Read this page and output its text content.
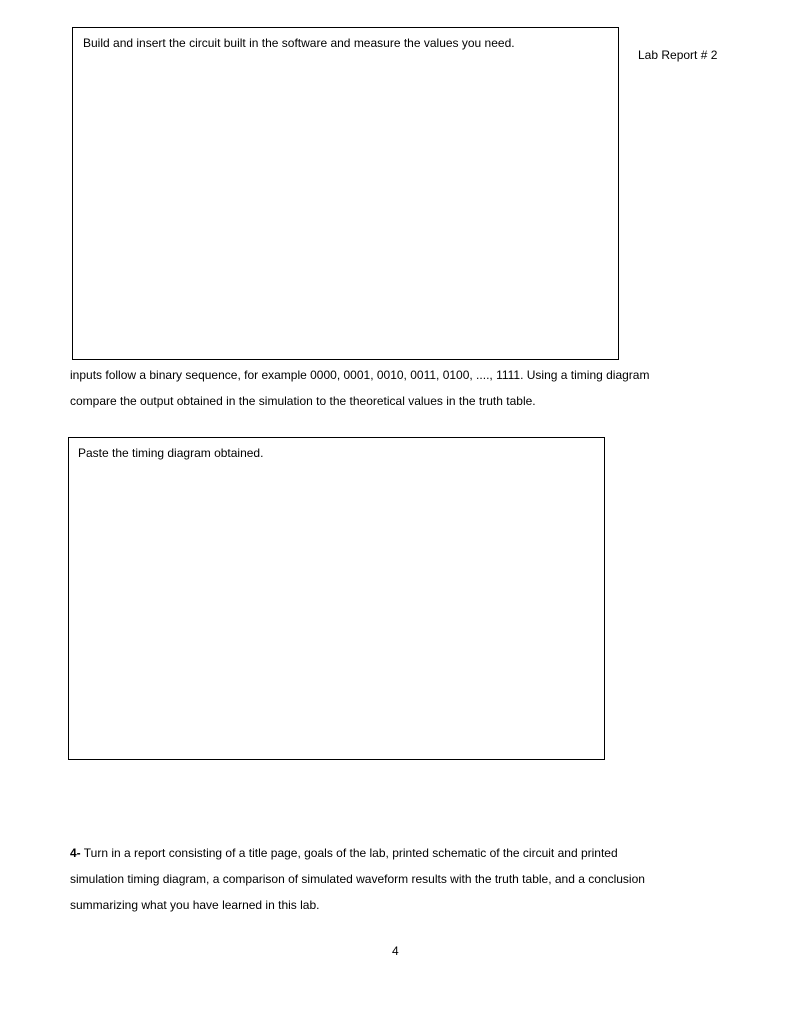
Build and insert the circuit built in the software and measure the values you need.
Lab Report # 2
inputs follow a binary sequence, for example 0000, 0001, 0010, 0011, 0100, ...., 1111. Using a timing diagram
compare the output obtained in the simulation to the theoretical values in the truth table.
Paste the timing diagram obtained.
4- Turn in a report consisting of a title page, goals of the lab, printed schematic of the circuit and printed
simulation timing diagram, a comparison of simulated waveform results with the truth table, and a conclusion
summarizing what you have learned in this lab.
4
